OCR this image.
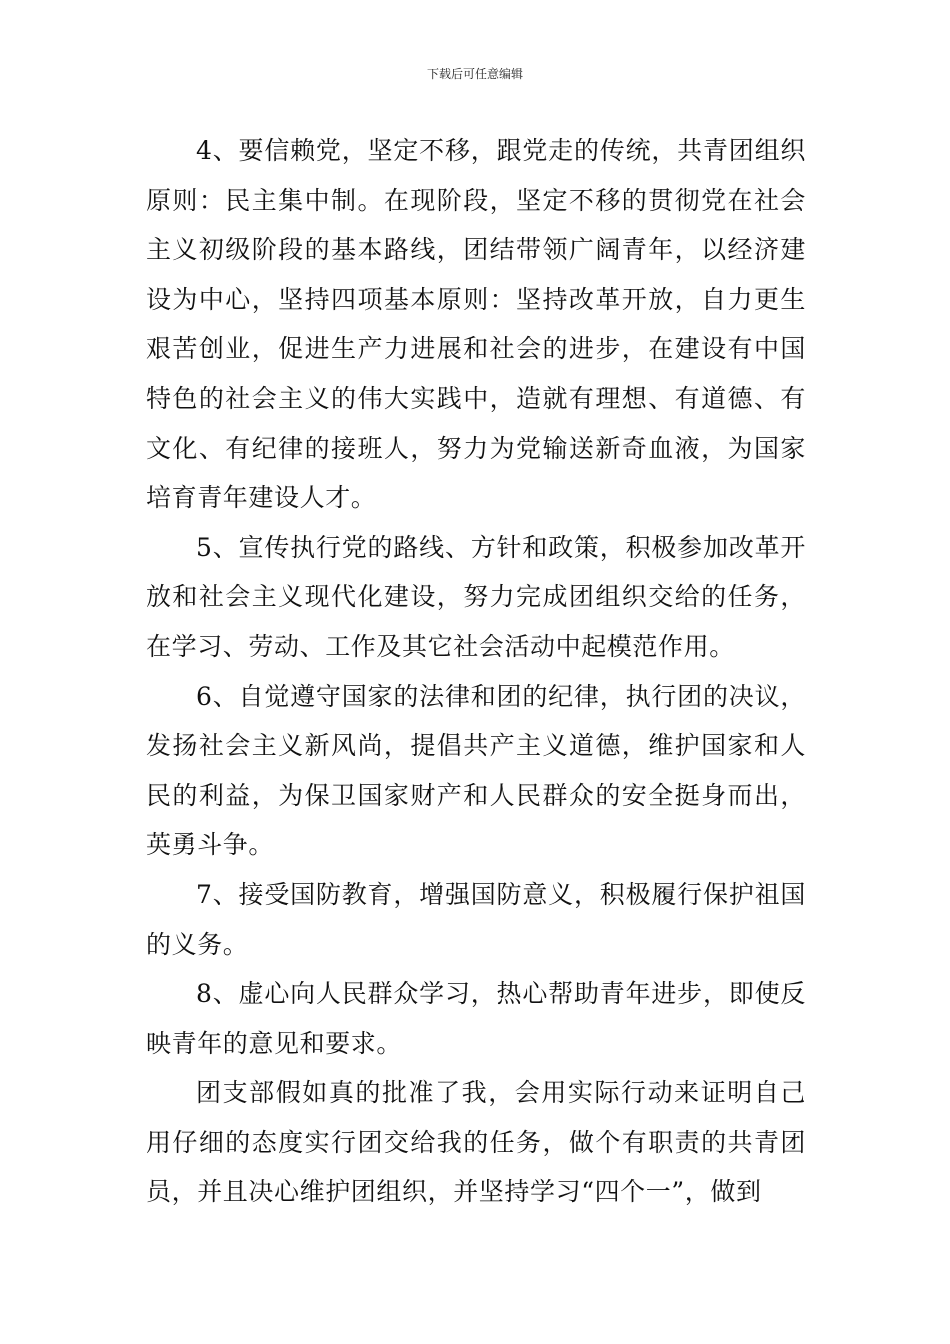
下载后可任意编辑

4、要信赖党，坚定不移，跟党走的传统，共青团组织原则：民主集中制。在现阶段，坚定不移的贯彻党在社会主义初级阶段的基本路线，团结带领广阔青年，以经济建设为中心，坚持四项基本原则：坚持改革开放，自力更生艰苦创业，促进生产力进展和社会的进步，在建设有中国特色的社会主义的伟大实践中，造就有理想、有道德、有文化、有纪律的接班人，努力为党输送新奇血液，为国家培育青年建设人才。

5、宣传执行党的路线、方针和政策，积极参加改革开放和社会主义现代化建设，努力完成团组织交给的任务，在学习、劳动、工作及其它社会活动中起模范作用。

6、自觉遵守国家的法律和团的纪律，执行团的决议，发扬社会主义新风尚，提倡共产主义道德，维护国家和人民的利益，为保卫国家财产和人民群众的安全挺身而出，英勇斗争。

7、接受国防教育，增强国防意义，积极履行保护祖国的义务。

8、虚心向人民群众学习，热心帮助青年进步，即使反映青年的意见和要求。

团支部假如真的批准了我，会用实际行动来证明自己用仔细的态度实行团交给我的任务，做个有职责的共青团员，并且决心维护团组织，并坚持学习“四个一”，做到
